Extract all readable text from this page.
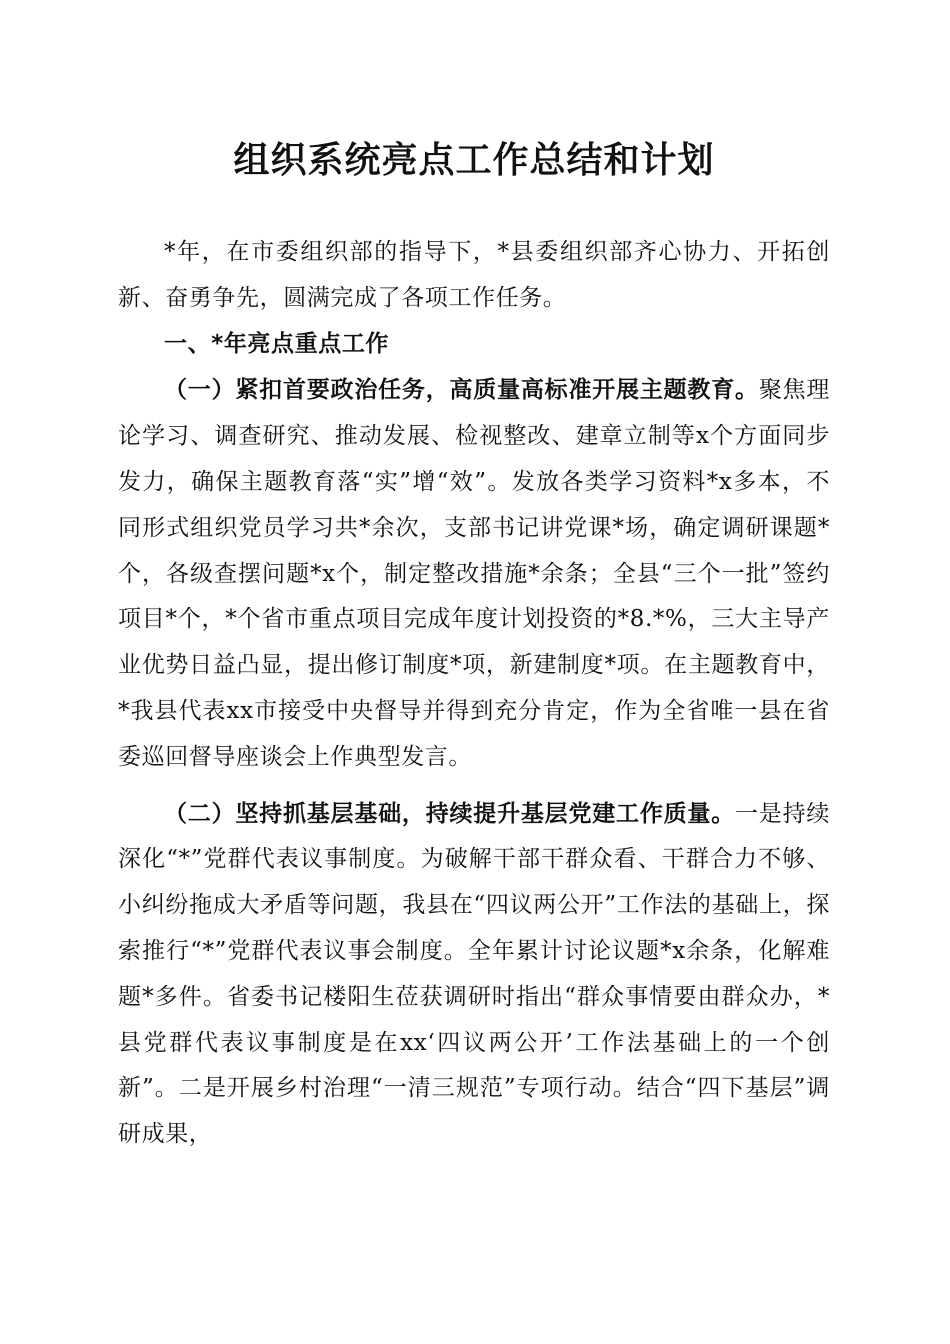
组织系统亮点工作总结和计划

*年，在市委组织部的指导下，*县委组织部齐心协力、开拓创新、奋勇争先，圆满完成了各项工作任务。

一、*年亮点重点工作

（一）紧扣首要政治任务，高质量高标准开展主题教育。聚焦理论学习、调查研究、推动发展、检视整改、建章立制等x个方面同步发力，确保主题教育落“实”增“效”。发放各类学习资料*x多本，不同形式组织党员学习共*余次，支部书记讲党课*场，确定调研课题*个，各级查摆问题*x个，制定整改措施*余条；全县“三个一批”签约项目*个，*个省市重点项目完成年度计划投资的*8.*%，三大主导产业优势日益凸显，提出修订制度*项，新建制度*项。在主题教育中，*我县代表xx市接受中央督导并得到充分肯定，作为全省唯一县在省委巡回督导座谈会上作典型发言。

（二）坚持抓基层基础，持续提升基层党建工作质量。一是持续深化“*”党群代表议事制度。为破解干部干群众看、干群合力不够、小纠纷拖成大矛盾等问题，我县在“四议两公开”工作法的基础上，探索推行“*”党群代表议事会制度。全年累计讨论议题*x余条，化解难题*多件。省委书记楼阳生莅获调研时指出“群众事情要由群众办，*县党群代表议事制度是在xx‘四议两公开’工作法基础上的一个创新”。二是开展乡村治理“一清三规范”专项行动。结合“四下基层”调研成果，
